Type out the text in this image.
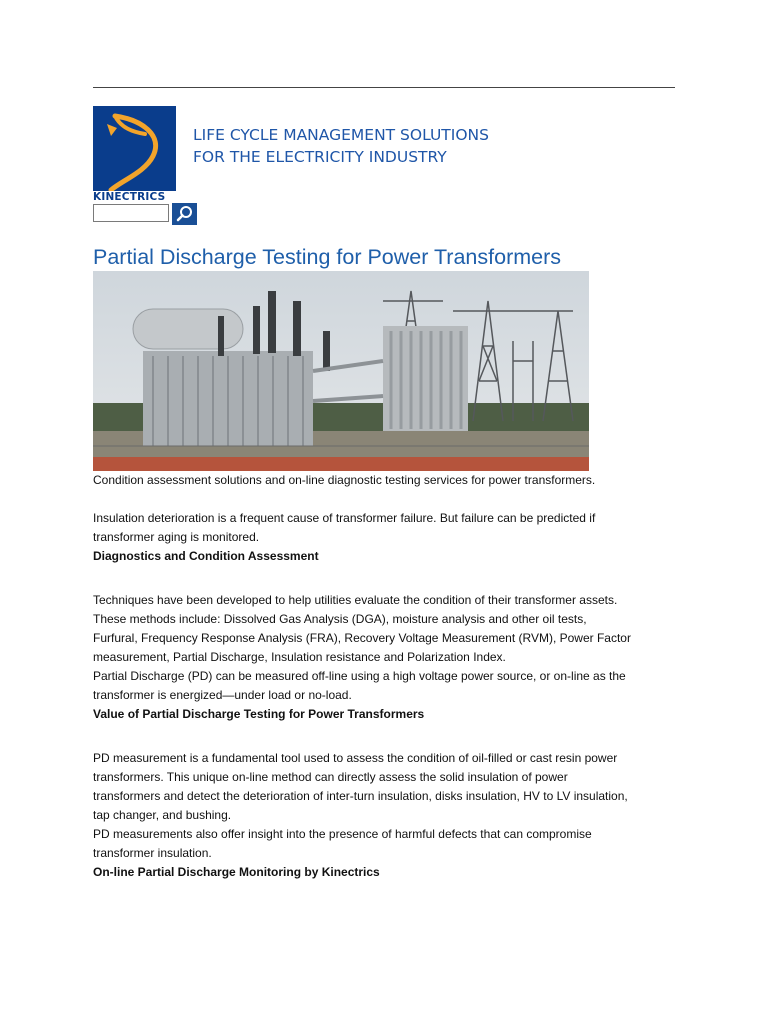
KINECTRICS
LIFE CYCLE MANAGEMENT SOLUTIONS
FOR THE ELECTRICITY INDUSTRY
Partial Discharge Testing for Power Transformers

Condition assessment solutions and on-line diagnostic testing services for power transformers.

Insulation deterioration is a frequent cause of transformer failure. But failure can be predicted if
transformer aging is monitored.

Diagnostics and Condition Assessment

Techniques have been developed to help utilities evaluate the condition of their transformer assets.
These methods include: Dissolved Gas Analysis (DGA), moisture analysis and other oil tests,
Furfural, Frequency Response Analysis (FRA), Recovery Voltage Measurement (RVM), Power Factor
measurement, Partial Discharge, Insulation resistance and Polarization Index.
Partial Discharge (PD) can be measured off-line using a high voltage power source, or on-line as the
transformer is energized—under load or no-load.

Value of Partial Discharge Testing for Power Transformers

PD measurement is a fundamental tool used to assess the condition of oil-filled or cast resin power
transformers. This unique on-line method can directly assess the solid insulation of power
transformers and detect the deterioration of inter-turn insulation, disks insulation, HV to LV insulation,
tap changer, and bushing.
PD measurements also offer insight into the presence of harmful defects that can compromise
transformer insulation.

On-line Partial Discharge Monitoring by Kinectrics
